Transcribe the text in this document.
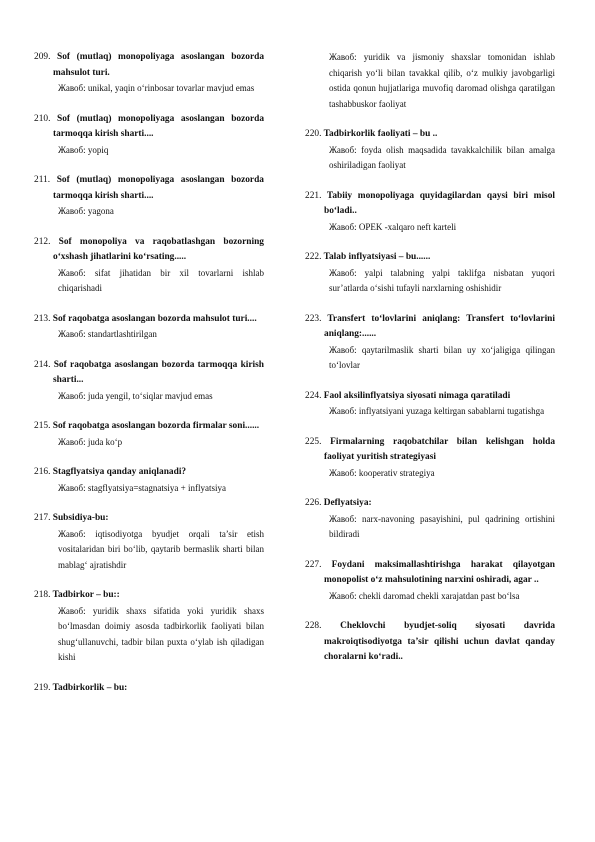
209. Sof (mutlaq) monopoliyaga asoslangan bozorda mahsulot turi.
Жавоб: unikal, yaqin o‘rinbosar tovarlar mavjud emas
210. Sof (mutlaq) monopoliyaga asoslangan bozorda tarmoqqa kirish sharti....
Жавоб: yopiq
211. Sof (mutlaq) monopoliyaga asoslangan bozorda tarmoqqa kirish sharti....
Жавоб: yagona
212. Sof monopoliya va raqobatlashgan bozorning o‘xshash jihatlarini ko‘rsating.....
Жавоб: sifat jihatidan bir xil tovarlarni ishlab chiqarishadi
213. Sof raqobatga asoslangan bozorda mahsulot turi....
Жавоб: standartlashtirilgan
214. Sof raqobatga asoslangan bozorda tarmoqqa kirish sharti...
Жавоб: juda yengil, to‘siqlar mavjud emas
215. Sof raqobatga asoslangan bozorda firmalar soni......
Жавоб: juda ko‘p
216. Stagflyatsiya qanday aniqlanadi?
Жавоб: stagflyatsiya=stagnatsiya + inflyatsiya
217. Subsidiya-bu:
Жавоб: iqtisodiyotga byudjet orqali ta’sir etish vositalaridan biri bo‘lib, qaytarib bermaslik sharti bilan mablag‘ ajratishdir
218. Tadbirkor – bu::
Жавоб: yuridik shaxs sifatida yoki yuridik shaxs bo‘lmasdan doimiy asosda tadbirkorlik faoliyati bilan shug‘ullanuvchi, tadbir bilan puxta o‘ylab ish qiladigan kishi
219. Tadbirkorlik – bu:
Жавоб: yuridik va jismoniy shaxslar tomonidan ishlab chiqarish yo‘li bilan tavakkal qilib, o‘z mulkiy javobgarligi ostida qonun hujjatlariga muvofiq daromad olishga qaratilgan tashabbuskor faoliyat
220. Tadbirkorlik faoliyati – bu ..
Жавоб: foyda olish maqsadida tavakkalchilik bilan amalga oshiriladigan faoliyat
221. Tabiiy monopoliyaga quyidagilardan qaysi biri misol bo‘ladi..
Жавоб: OPEK -xalqaro neft karteli
222. Talab inflyatsiyasi – bu......
Жавоб: yalpi talabning yalpi taklifga nisbatan yuqori sur’atlarda o‘sishi tufayli narxlarning oshishidir
223. Transfert to‘lovlarini aniqlang: Transfert to‘lovlarini aniqlang:......
Жавоб: qaytarilmaslik sharti bilan uy xo‘jaligiga qilingan to‘lovlar
224. Faol aksilinflyatsiya siyosati nimaga qaratiladi
Жавоб: inflyatsiyani yuzaga keltirgan sabablarni tugatishga
225. Firmalarning raqobatchilar bilan kelishgan holda faoliyat yuritish strategiyasi
Жавоб: kooperativ strategiya
226. Deflyatsiya:
Жавоб: narx-navoning pasayishini, pul qadrining ortishini bildiradi
227. Foydani maksimallashtirishga harakat qilayotgan monopolist o‘z mahsulotining narxini oshiradi, agar ..
Жавоб: chekli daromad chekli xarajatdan past bo‘lsa
228. Cheklovchi byudjet-soliq siyosati davrida makroiqtisodiyotga ta’sir qilishi uchun davlat qanday choralarni ko‘radi..
